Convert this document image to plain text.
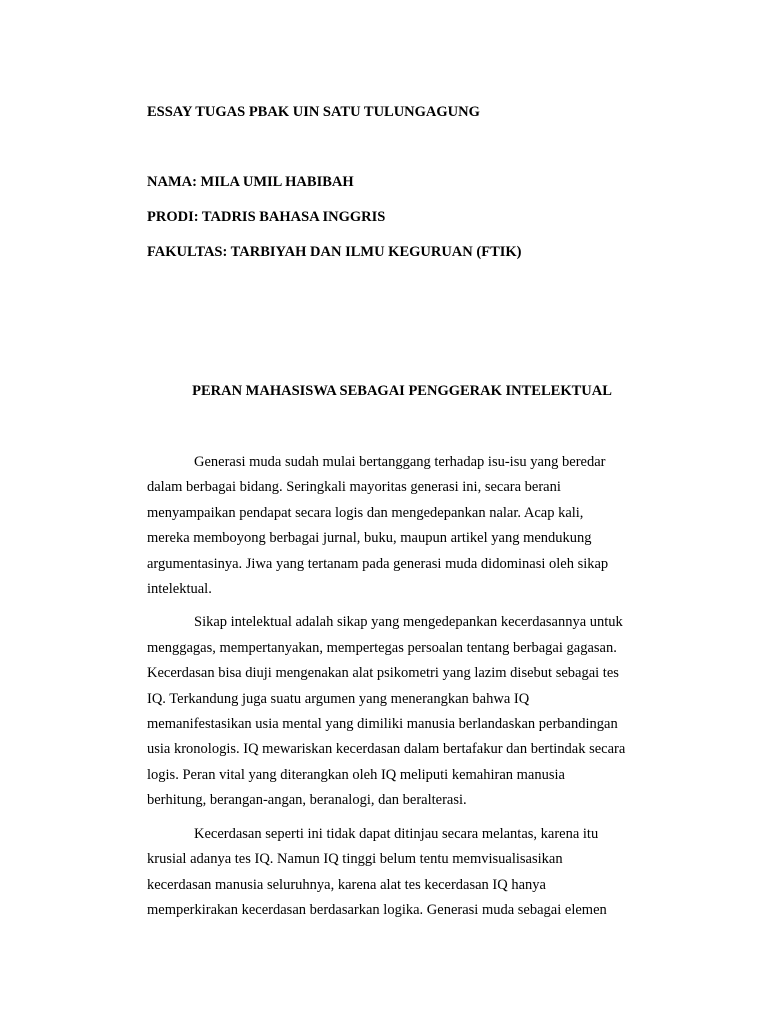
ESSAY TUGAS PBAK UIN SATU TULUNGAGUNG
NAMA: MILA UMIL HABIBAH
PRODI: TADRIS BAHASA INGGRIS
FAKULTAS: TARBIYAH DAN ILMU KEGURUAN (FTIK)
PERAN MAHASISWA SEBAGAI PENGGERAK INTELEKTUAL
Generasi muda sudah mulai bertanggang terhadap isu-isu yang beredar
dalam berbagai bidang. Seringkali mayoritas generasi ini, secara berani
menyampaikan pendapat secara logis dan mengedepankan nalar. Acap kali,
mereka memboyong berbagai jurnal, buku, maupun artikel yang mendukung
argumentasinya. Jiwa yang tertanam pada generasi muda didominasi oleh sikap
intelektual.
Sikap intelektual adalah sikap yang mengedepankan kecerdasannya untuk
menggagas, mempertanyakan, mempertegas persoalan tentang berbagai gagasan.
Kecerdasan bisa diuji mengenakan alat psikometri yang lazim disebut sebagai tes
IQ. Terkandung juga suatu argumen yang menerangkan bahwa IQ
memanifestasikan usia mental yang dimiliki manusia berlandaskan perbandingan
usia kronologis. IQ mewariskan kecerdasan dalam bertafakur dan bertindak secara
logis. Peran vital yang diterangkan oleh IQ meliputi kemahiran manusia
berhitung, berangan-angan, beranalogi, dan beralterasi.
Kecerdasan seperti ini tidak dapat ditinjau secara melantas, karena itu
krusial adanya tes IQ. Namun IQ tinggi belum tentu memvisualisasikan
kecerdasan manusia seluruhnya, karena alat tes kecerdasan IQ hanya
memperkirakan kecerdasan berdasarkan logika. Generasi muda sebagai elemen
